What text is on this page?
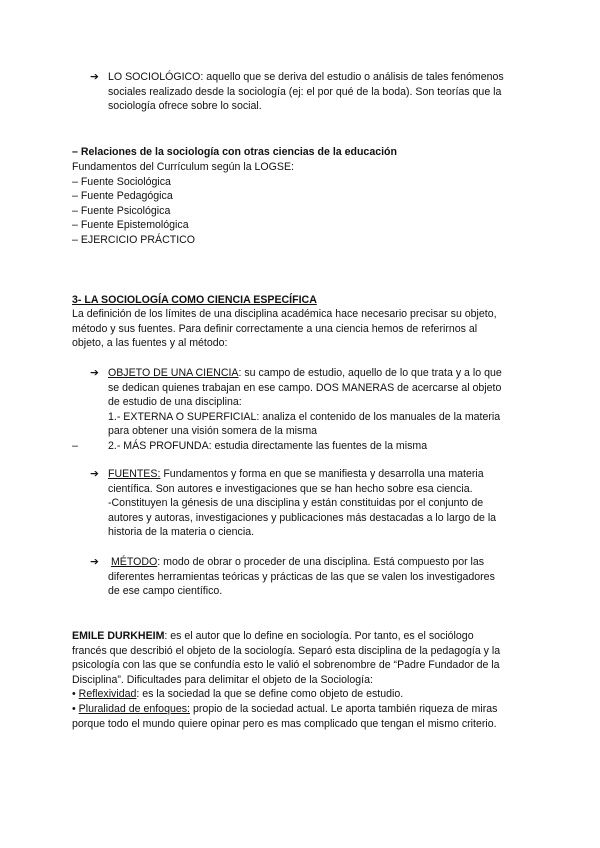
➔ LO SOCIOLÓGICO: aquello que se deriva del estudio o análisis de tales fenómenos
sociales realizado desde la sociología (ej: el por qué de la boda). Son teorías que la
sociología ofrece sobre lo social.
– Relaciones de la sociología con otras ciencias de la educación
Fundamentos del Currículum según la LOGSE:
– Fuente Sociológica
– Fuente Pedagógica
– Fuente Psicológica
– Fuente Epistemológica
– EJERCICIO PRÁCTICO
3- LA SOCIOLOGÍA COMO CIENCIA ESPECÍFICA
La definición de los límites de una disciplina académica hace necesario precisar su objeto,
método y sus fuentes. Para definir correctamente a una ciencia hemos de referirnos al
objeto, a las fuentes y al método:
➔ OBJETO DE UNA CIENCIA: su campo de estudio, aquello de lo que trata y a lo que
se dedican quienes trabajan en ese campo. DOS MANERAS de acercarse al objeto
de estudio de una disciplina:
1.- EXTERNA O SUPERFICIAL: analiza el contenido de los manuales de la materia
para obtener una visión somera de la misma
2.- MÁS PROFUNDA: estudia directamente las fuentes de la misma
–
➔ FUENTES: Fundamentos y forma en que se manifiesta y desarrolla una materia
científica. Son autores e investigaciones que se han hecho sobre esa ciencia.
-Constituyen la génesis de una disciplina y están constituidas por el conjunto de
autores y autoras, investigaciones y publicaciones más destacadas a lo largo de la
historia de la materia o ciencia.
➔ MÉTODO: modo de obrar o proceder de una disciplina. Está compuesto por las
diferentes herramientas teóricas y prácticas de las que se valen los investigadores
de ese campo científico.
EMILE DURKHEIM: es el autor que lo define en sociología. Por tanto, es el sociólogo
francés que describió el objeto de la sociología. Separó esta disciplina de la pedagogía y la
psicología con las que se confundía esto le valió el sobrenombre de “Padre Fundador de la
Disciplina”. Dificultades para delimitar el objeto de la Sociología:
• Reflexividad: es la sociedad la que se define como objeto de estudio.
• Pluralidad de enfoques: propio de la sociedad actual. Le aporta también riqueza de miras
porque todo el mundo quiere opinar pero es mas complicado que tengan el mismo criterio.
